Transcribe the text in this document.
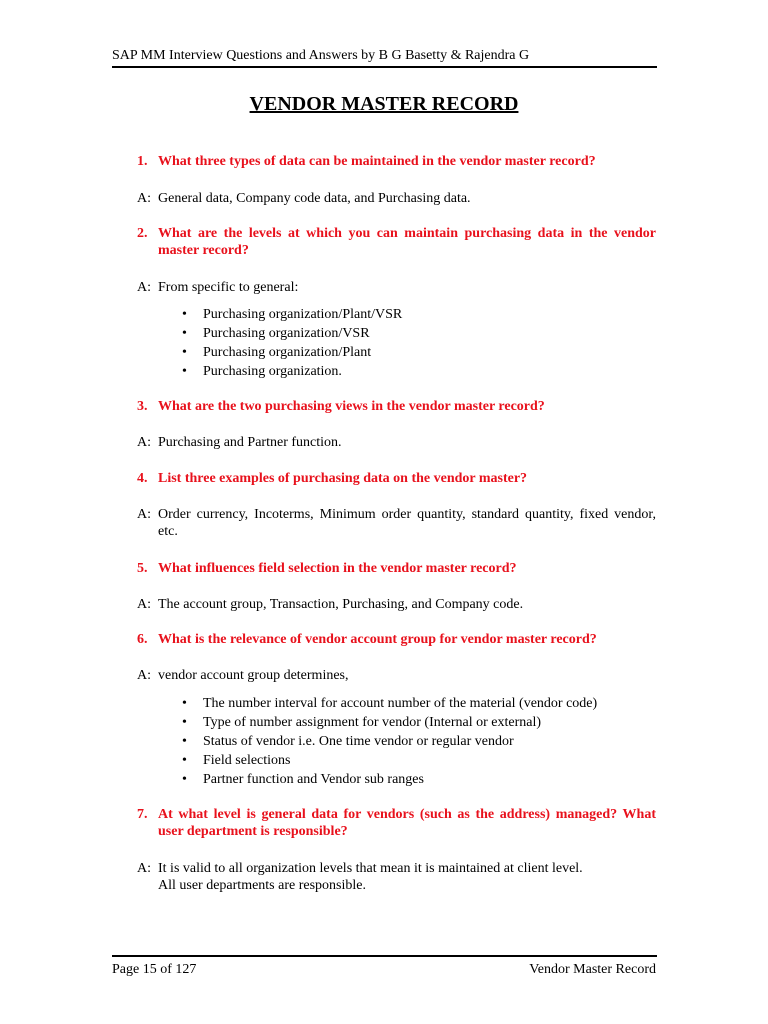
SAP MM Interview Questions and Answers by B G Basetty & Rajendra G
VENDOR MASTER RECORD
1. What three types of data can be maintained in the vendor master record?
A: General data, Company code data, and Purchasing data.
2. What are the levels at which you can maintain purchasing data in the vendor master record?
A: From specific to general:
• Purchasing organization/Plant/VSR
• Purchasing organization/VSR
• Purchasing organization/Plant
• Purchasing organization.
3. What are the two purchasing views in the vendor master record?
A: Purchasing and Partner function.
4. List three examples of purchasing data on the vendor master?
A: Order currency, Incoterms, Minimum order quantity, standard quantity, fixed vendor, etc.
5. What influences field selection in the vendor master record?
A: The account group, Transaction, Purchasing, and Company code.
6. What is the relevance of vendor account group for vendor master record?
A: vendor account group determines,
• The number interval for account number of the material (vendor code)
• Type of number assignment for vendor (Internal or external)
• Status of vendor i.e. One time vendor or regular vendor
• Field selections
• Partner function and Vendor sub ranges
7. At what level is general data for vendors (such as the address) managed? What user department is responsible?
A: It is valid to all organization levels that mean it is maintained at client level.
All user departments are responsible.
Page 15 of 127	Vendor Master Record
